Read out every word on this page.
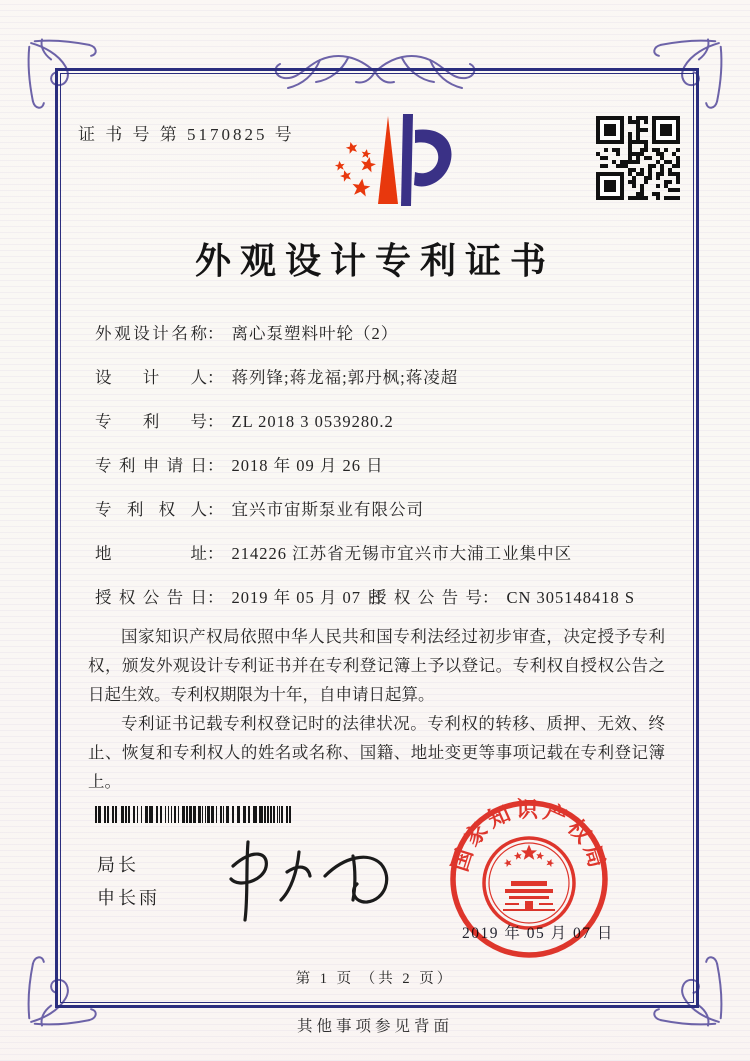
证 书 号 第 5170825 号
外观设计专利证书
外观设计名称： 离心泵塑料叶轮（2）
设计人： 蒋列锋;蒋龙福;郭丹枫;蒋凌超
专利号： ZL 2018 3 0539280.2
专利申请日： 2018 年 09 月 26 日
专利权人： 宜兴市宙斯泵业有限公司
地址： 214226 江苏省无锡市宜兴市大浦工业集中区
授权公告日： 2019 年 05 月 07 日
授权公告号： CN 305148418 S

国家知识产权局依照中华人民共和国专利法经过初步审查，决定授予专利权，颁发外观设计专利证书并在专利登记簿上予以登记。专利权自授权公告之日起生效。专利权期限为十年，自申请日起算。

专利证书记载专利权登记时的法律状况。专利权的转移、质押、无效、终止、恢复和专利权人的姓名或名称、国籍、地址变更等事项记载在专利登记簿上。

局长
申长雨
2019 年 05 月 07 日
国家知识产权局
第 1 页 （共 2 页）
其他事项参见背面
